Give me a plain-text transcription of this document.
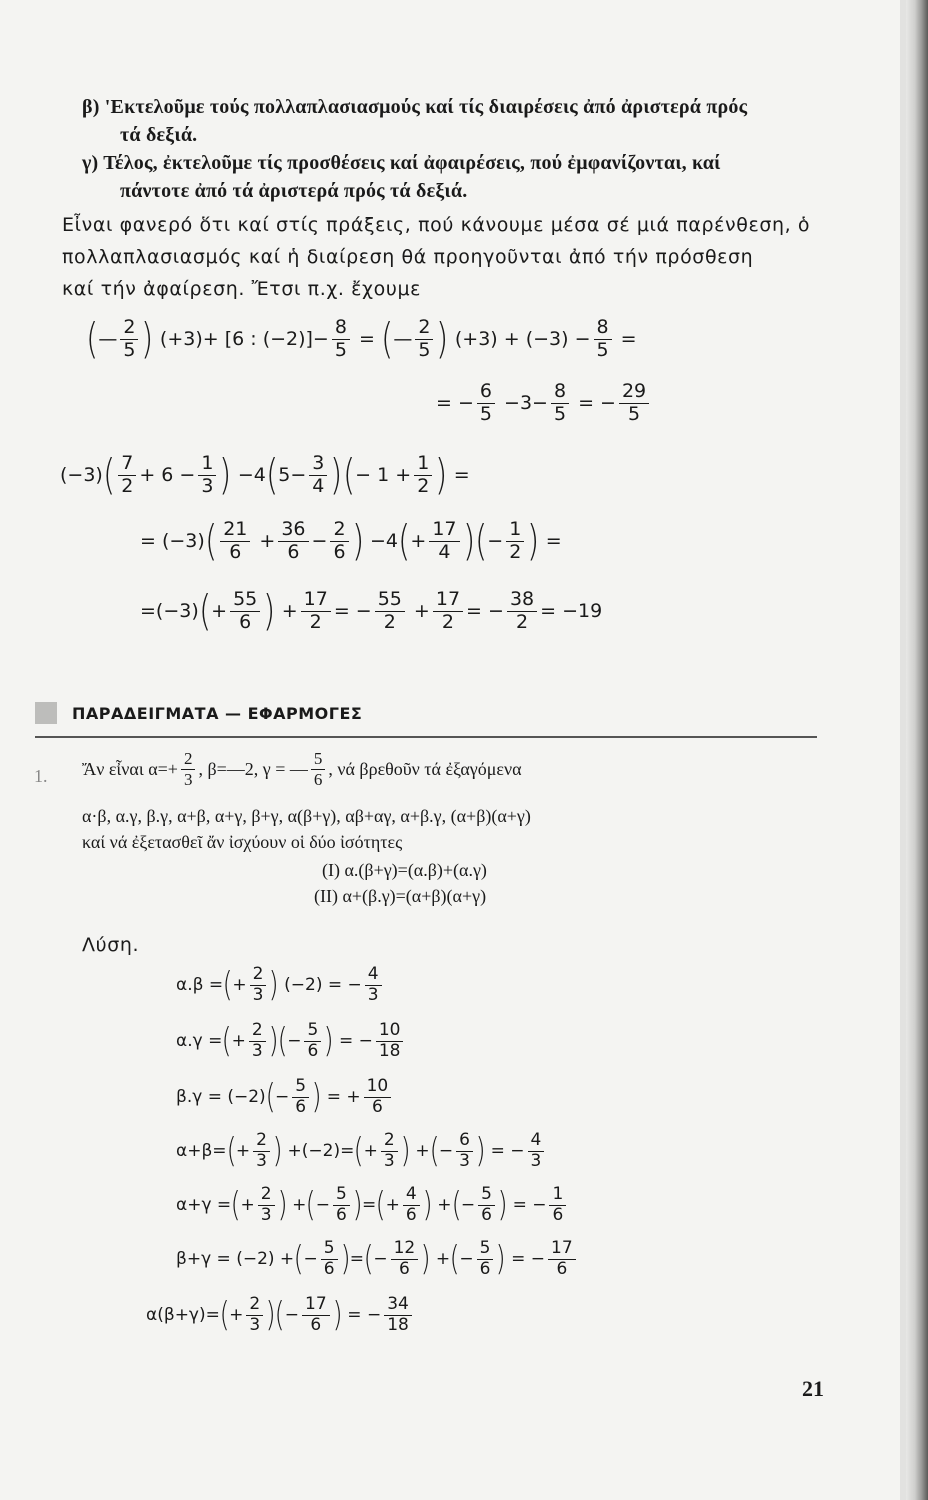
β) 'Εκτελοῦμε τούς πολλαπλασιασμούς καί τίς διαιρέσεις ἀπό ἀριστερά πρός
τά δεξιά.
γ) Τέλος, ἐκτελοῦμε τίς προσθέσεις καί ἀφαιρέσεις, πού ἐμφανίζονται, καί
πάντοτε ἀπό τά ἀριστερά πρός τά δεξιά.
Εἶναι φανερό ὅτι καί στίς πράξεις, πού κάνουμε μέσα σέ μιά παρένθεση, ὁ
πολλαπλασιασμός καί ἡ διαίρεση θά προηγοῦνται ἀπό τήν πρόσθεση
καί τήν ἀφαίρεση. Ἔτσι π.χ. ἔχουμε
( — $\frac{2}{5}$ ) (+3)+ [6 : $(-2)]- \frac{8}{5}$ = ( — $\frac{2}{5}$ ) $(+3) + (-3) - \frac{8}{5}$ =
= − $\frac{6}{5} -3- \frac{8}{5}$ = − $\frac{29}{5}$
(−3) ( $\frac{7}{2} + 6 - \frac{1}{3}$ ) −4 ( $5- \frac{3}{4}$ ) ( − $1 + \frac{1}{2}$ ) =
= (−3) ( $\frac{21}{6} + \frac{36}{6} - \frac{2}{6}$ ) −4 ( + $\frac{17}{4}$ ) ( − $\frac{1}{2}$ ) =
=(−3) ( + $\frac{55}{6}$ ) + $\frac{17}{2}$ = − $\frac{55}{2} + \frac{17}{2}$ = − $\frac{38}{2} = -19$
ΠΑΡΑΔΕΙΓΜΑΤΑ — ΕΦΑΡΜΟΓΕΣ
1. Ἄν εἶναι $\alpha=+ \frac{2}{3}$ , β=—2, γ = — $\frac{5}{6}$ , νά βρεθοῦν τά ἐξαγόμενα
α·β, α.γ, β.γ, α+β, α+γ, β+γ, α(β+γ), αβ+αγ, α+β.γ, (α+β)(α+γ)
καί νά ἐξετασθεῖ ἄν ἰσχύουν οἱ δύο ἰσότητες
(I) α.(β+γ)=(α.β)+(α.γ)
(II) α+(β.γ)=(α+β)(α+γ)
Λύση.
α.β = ( + $\frac{2}{3}$ ) (−2) = − $\frac{4}{3}$
α.γ = ( + $\frac{2}{3}$ ) ( − $\frac{5}{6}$ ) = − $\frac{10}{18}$
β.γ = (−2) ( − $\frac{5}{6}$ ) = + $\frac{10}{6}$
α+β= ( + $\frac{2}{3}$ ) +(−2)= ( + $\frac{2}{3}$ ) + ( − $\frac{6}{3}$ ) = − $\frac{4}{3}$
α+γ = ( + $\frac{2}{3}$ ) + ( − $\frac{5}{6}$ ) = ( + $\frac{4}{6}$ ) + ( − $\frac{5}{6}$ ) = − $\frac{1}{6}$
β+γ = (−2) + ( − $\frac{5}{6}$ ) = ( − $\frac{12}{6}$ ) + ( − $\frac{5}{6}$ ) = − $\frac{17}{6}$
α(β+γ)= ( + $\frac{2}{3}$ ) ( − $\frac{17}{6}$ ) = − $\frac{34}{18}$
21
